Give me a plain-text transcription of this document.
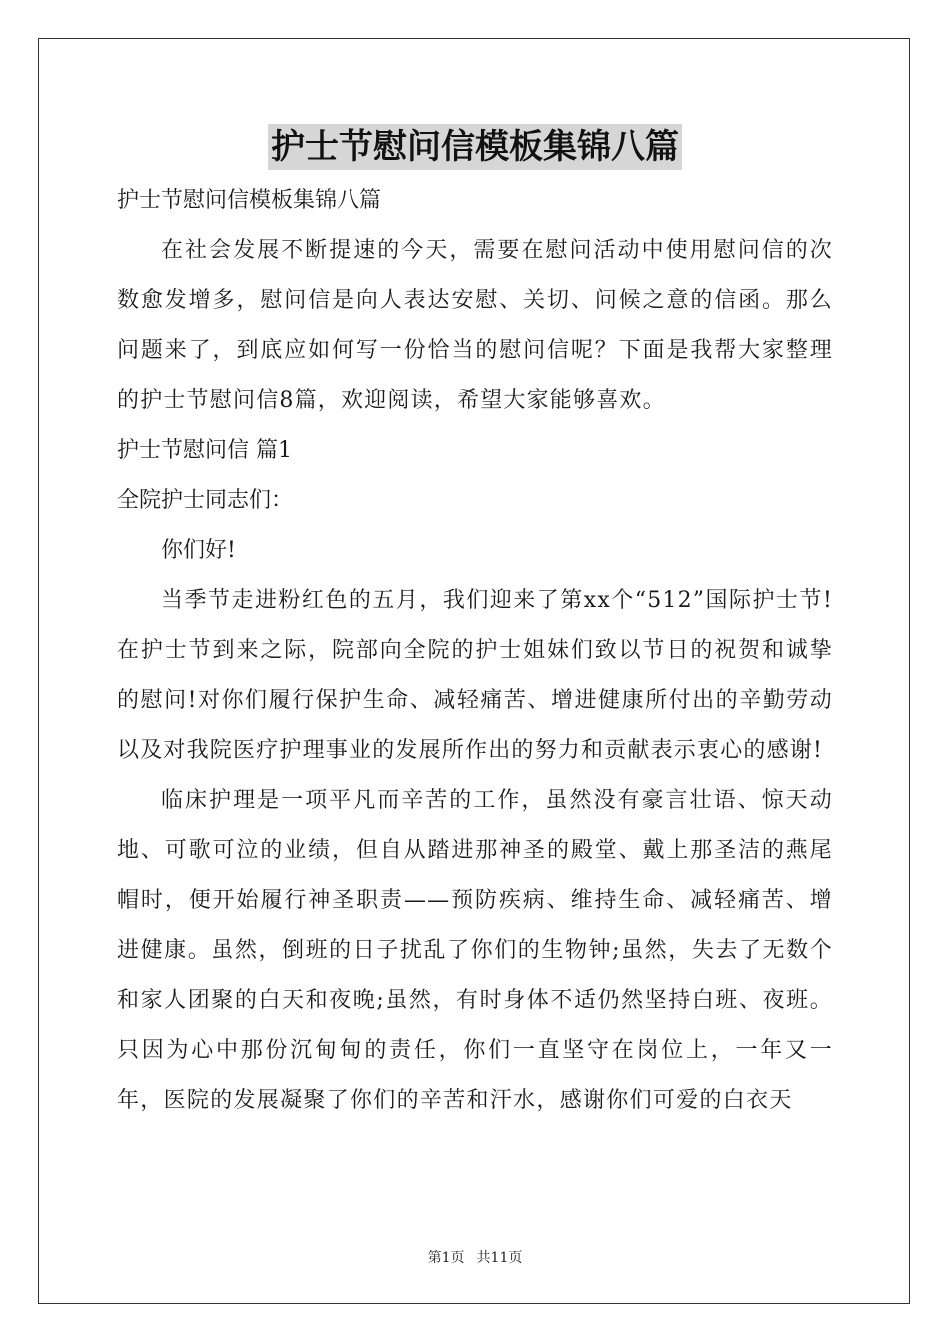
护士节慰问信模板集锦八篇
护士节慰问信模板集锦八篇

在社会发展不断提速的今天，需要在慰问活动中使用慰问信的次数愈发增多，慰问信是向人表达安慰、关切、问候之意的信函。那么问题来了，到底应如何写一份恰当的慰问信呢？下面是我帮大家整理的护士节慰问信8篇，欢迎阅读，希望大家能够喜欢。

护士节慰问信 篇1
全院护士同志们：
你们好!

当季节走进粉红色的五月，我们迎来了第xx个“512”国际护士节!在护士节到来之际，院部向全院的护士姐妹们致以节日的祝贺和诚挚的慰问!对你们履行保护生命、减轻痛苦、增进健康所付出的辛勤劳动以及对我院医疗护理事业的发展所作出的努力和贡献表示衷心的感谢!

临床护理是一项平凡而辛苦的工作，虽然没有豪言壮语、惊天动地、可歌可泣的业绩，但自从踏进那神圣的殿堂、戴上那圣洁的燕尾帽时，便开始履行神圣职责——预防疾病、维持生命、减轻痛苦、增进健康。虽然，倒班的日子扰乱了你们的生物钟;虽然，失去了无数个和家人团聚的白天和夜晚;虽然，有时身体不适仍然坚持白班、夜班。只因为心中那份沉甸甸的责任，你们一直坚守在岗位上，一年又一年，医院的发展凝聚了你们的辛苦和汗水，感谢你们可爱的白衣天

第1页 共11页
